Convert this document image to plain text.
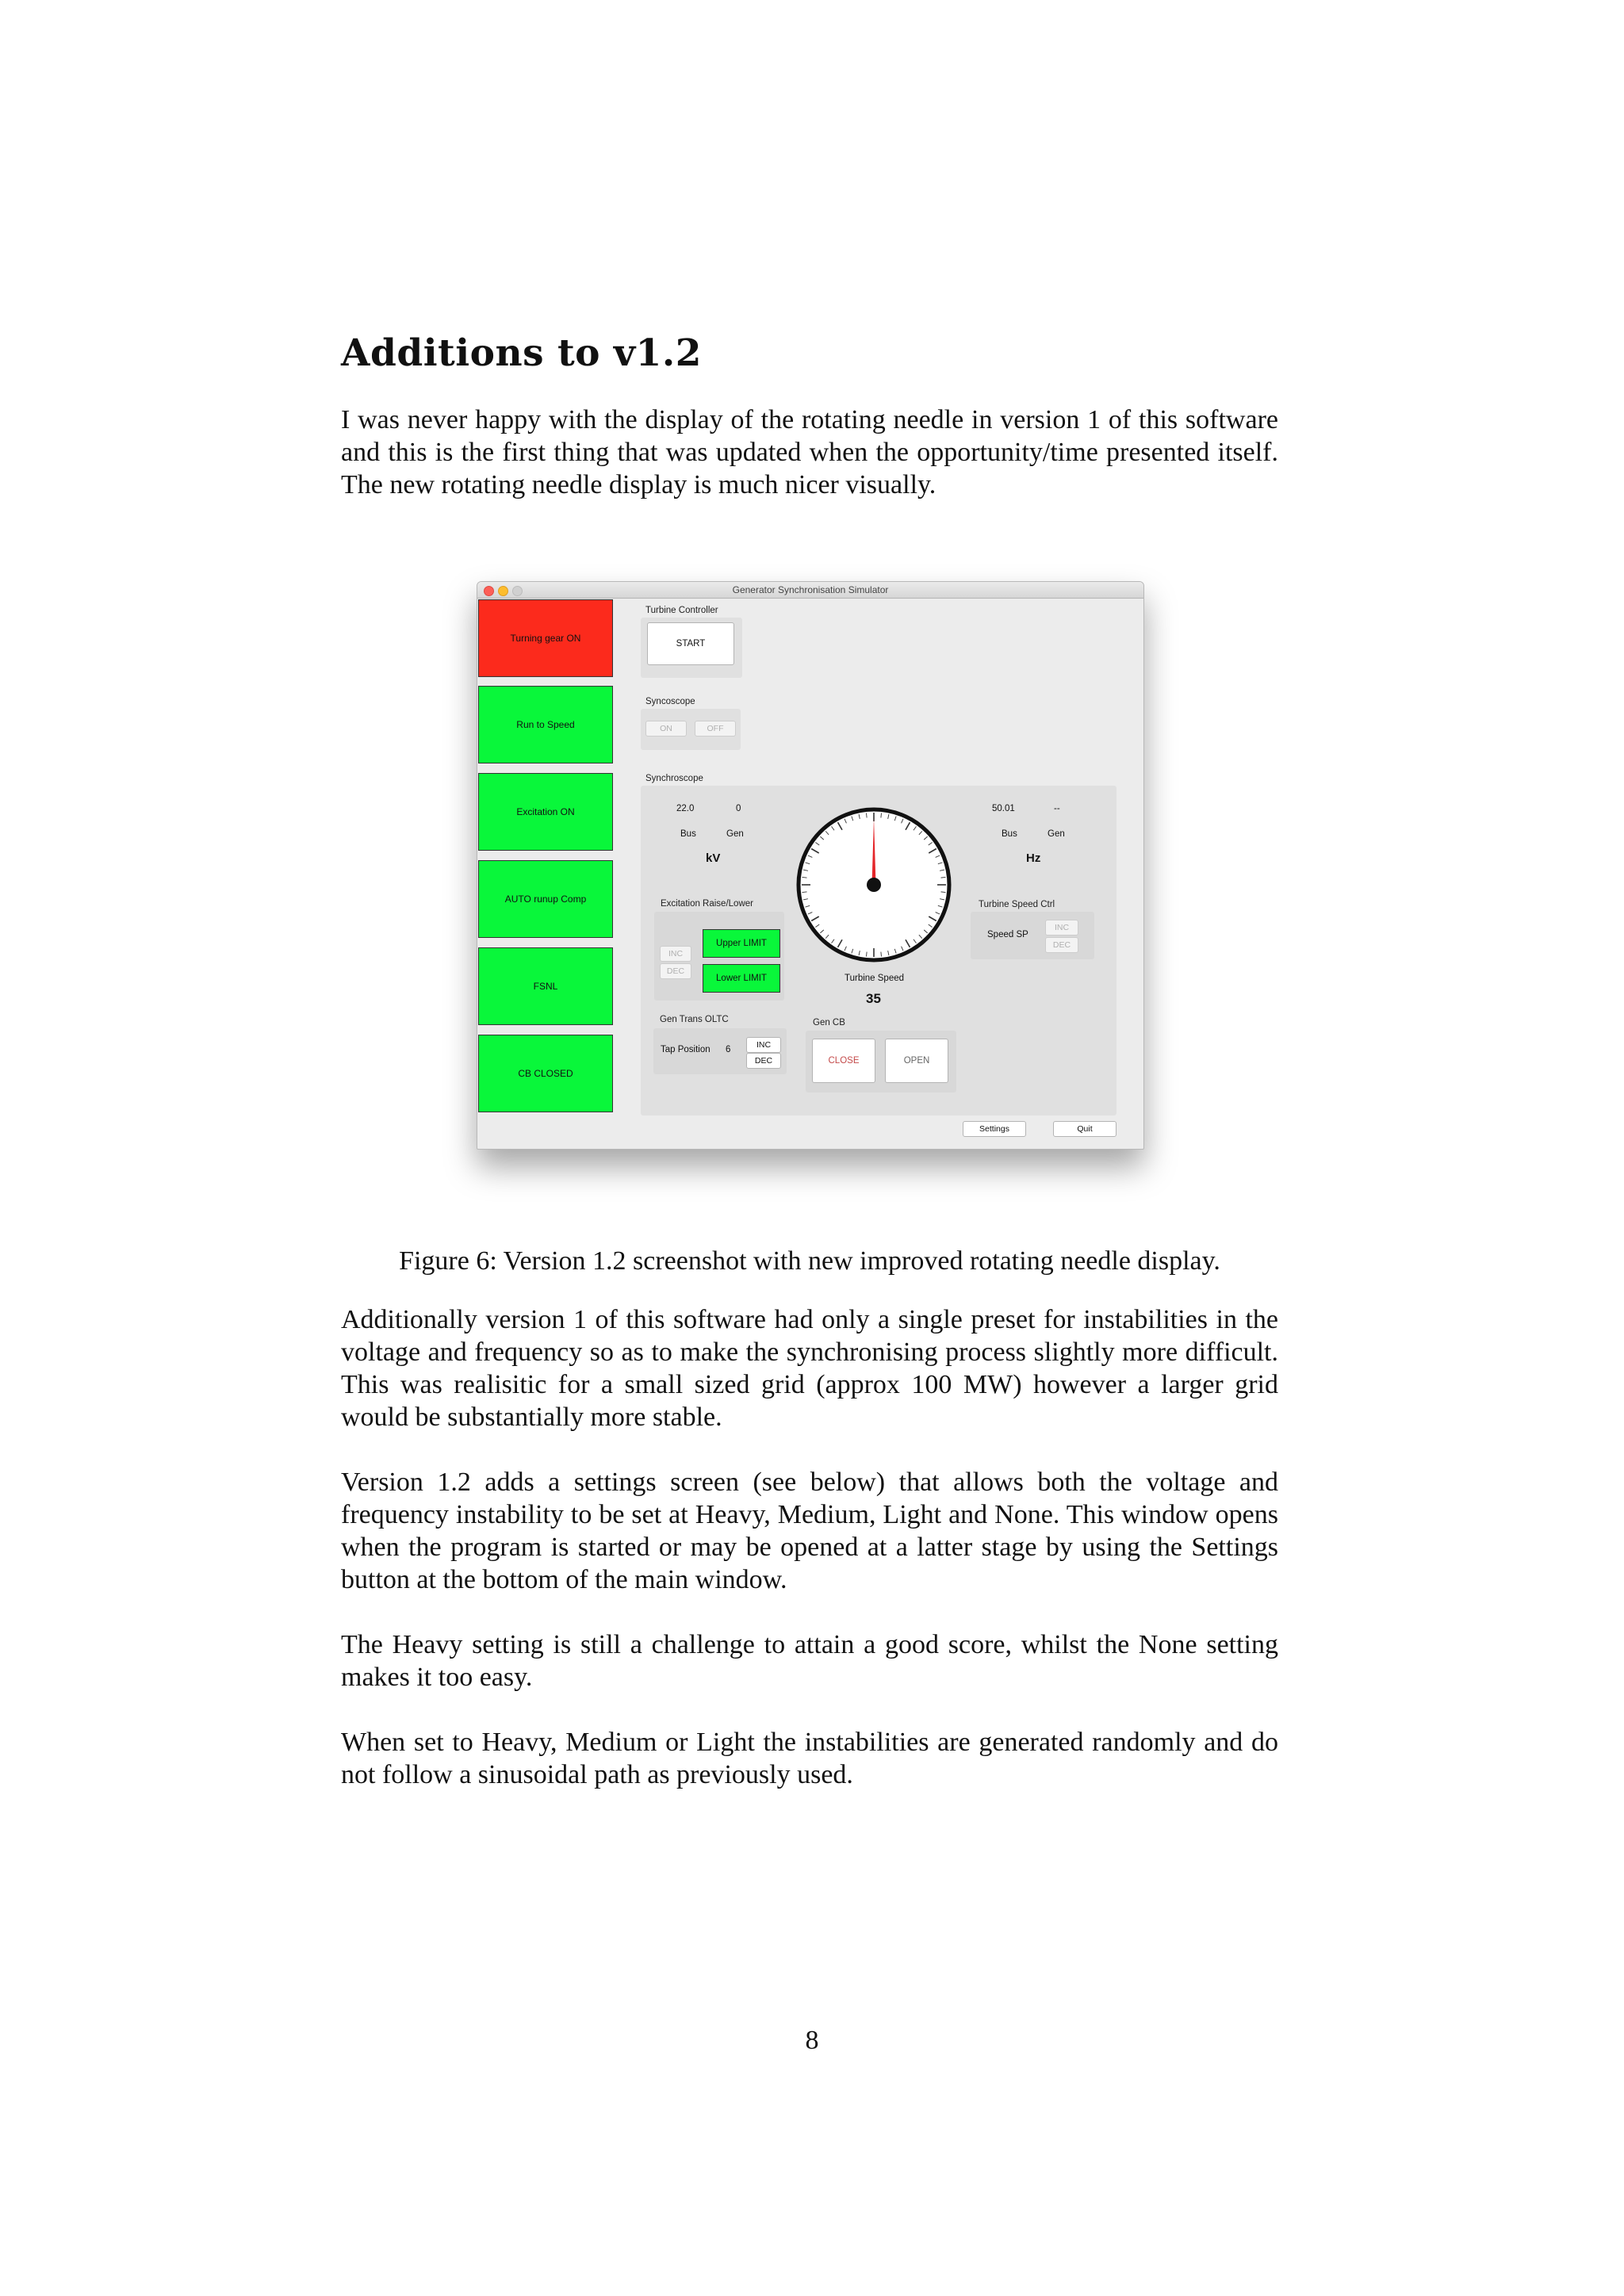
Additions to v1.2

I was never happy with the display of the rotating needle in version 1 of this software and this is the first thing that was updated when the opportunity/time presented itself. The new rotating needle display is much nicer visually.

Generator Synchronisation Simulator
Turning gear ON
Run to Speed
Excitation ON
AUTO runup Comp
FSNL
CB CLOSED
Turbine Controller
START
Syncoscope
ON	OFF
Synchroscope
22.0	0
Bus	Gen
kV
50.01	--
Bus	Gen
Hz
Excitation Raise/Lower
INC
DEC
Upper LIMIT
Lower LIMIT
Turbine Speed Ctrl
Speed SP
INC
DEC
Turbine Speed
35
Gen Trans OLTC
Tap Position 6	INC
DEC
Gen CB
CLOSE	OPEN
Settings	Quit

Figure 6: Version 1.2 screenshot with new improved rotating needle display.

Additionally version 1 of this software had only a single preset for instabilities in the voltage and frequency so as to make the synchronising process slightly more difficult. This was realisitic for a small sized grid (approx 100 MW) however a larger grid would be substantially more stable.

Version 1.2 adds a settings screen (see below) that allows both the voltage and frequency instability to be set at Heavy, Medium, Light and None. This window opens when the program is started or may be opened at a latter stage by using the Settings button at the bottom of the main window.

The Heavy setting is still a challenge to attain a good score, whilst the None setting makes it too easy.

When set to Heavy, Medium or Light the instabilities are generated randomly and do not follow a sinusoidal path as previously used.

8
